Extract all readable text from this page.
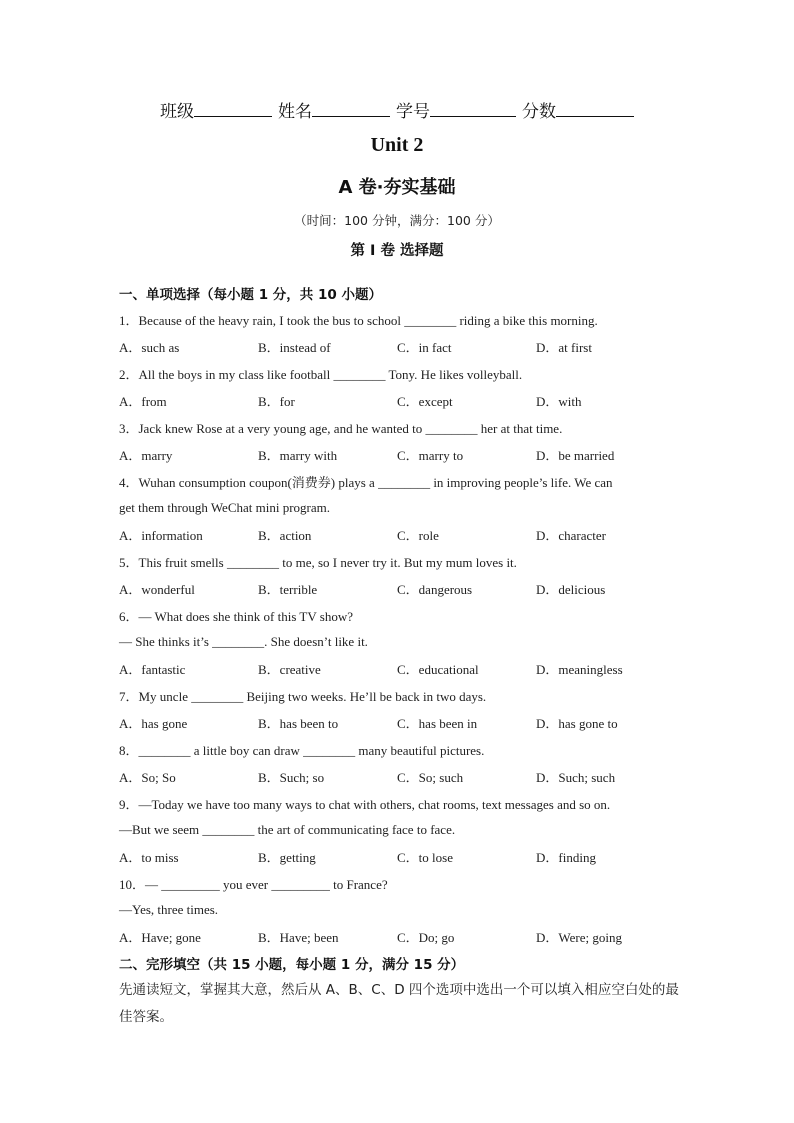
班级	姓名	学号	分数
Unit 2
A 卷·夯实基础
（时间：100 分钟，满分：100 分）
第 I 卷 选择题
一、单项选择（每小题 1 分，共 10 小题）
1．Because of the heavy rain, I took the bus to school ________ riding a bike this morning.
A．such as	B．instead of	C．in fact	D．at first
2．All the boys in my class like football ________ Tony. He likes volleyball.
A．from	B．for	C．except	D．with
3．Jack knew Rose at a very young age, and he wanted to ________ her at that time.
A．marry	B．marry with	C．marry to	D．be married
4．Wuhan consumption coupon(消费券) plays a ________ in improving people’s life. We can
get them through WeChat mini program.
A．information	B．action	C．role	D．character
5．This fruit smells ________ to me, so I never try it. But my mum loves it.
A．wonderful	B．terrible	C．dangerous	D．delicious
6．— What does she think of this TV show?
— She thinks it’s ________. She doesn’t like it.
A．fantastic	B．creative	C．educational	D．meaningless
7．My uncle ________ Beijing two weeks. He’ll be back in two days.
A．has gone	B．has been to	C．has been in	D．has gone to
8．________ a little boy can draw ________ many beautiful pictures.
A．So; So	B．Such; so	C．So; such	D．Such; such
9．—Today we have too many ways to chat with others, chat rooms, text messages and so on.
—But we seem ________ the art of communicating face to face.
A．to miss	B．getting	C．to lose	D．finding
10．— _________ you ever _________ to France?
—Yes, three times.
A．Have; gone	B．Have; been	C．Do; go	D．Were; going
二、完形填空（共 15 小题，每小题 1 分，满分 15 分）
先通读短文，掌握其大意，然后从 A、B、C、D 四个选项中选出一个可以填入相应空白处的最佳答案。
